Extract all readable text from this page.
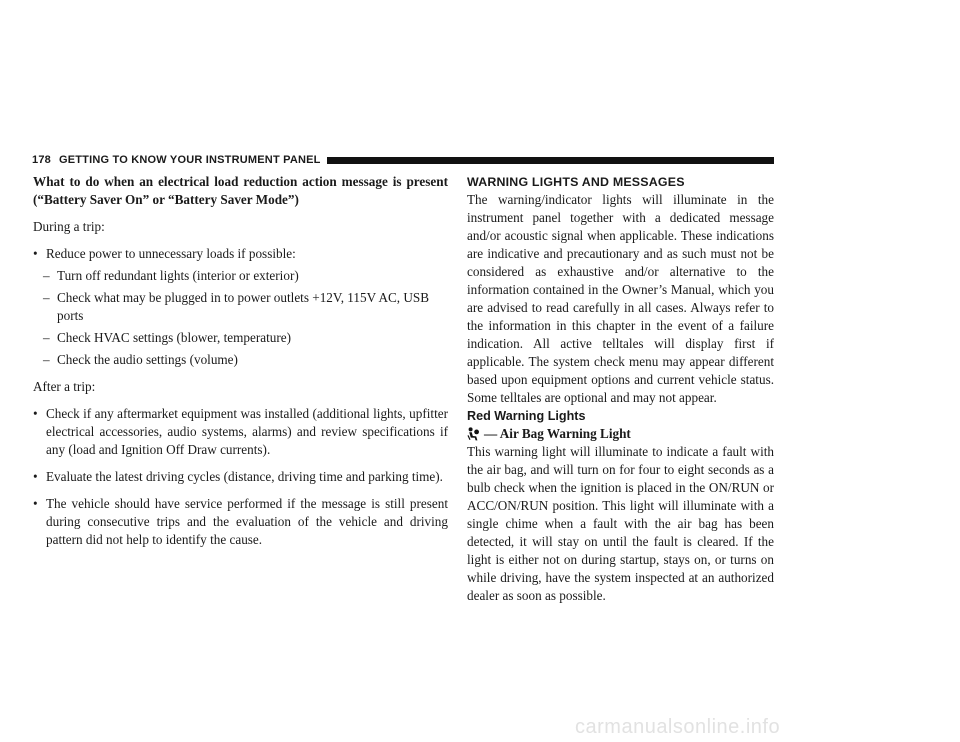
178 GETTING TO KNOW YOUR INSTRUMENT PANEL

What to do when an electrical load reduction action message is present (“Battery Saver On” or “Battery Saver Mode”)

During a trip:

• Reduce power to unnecessary loads if possible:

– Turn off redundant lights (interior or exterior)

– Check what may be plugged in to power outlets +12V, 115V AC, USB ports

– Check HVAC settings (blower, temperature)

– Check the audio settings (volume)

After a trip:

• Check if any aftermarket equipment was installed (additional lights, upfitter electrical accessories, audio systems, alarms) and review specifications if any (load and Ignition Off Draw currents).

• Evaluate the latest driving cycles (distance, driving time and parking time).

• The vehicle should have service performed if the message is still present during consecutive trips and the evaluation of the vehicle and driving pattern did not help to identify the cause.

WARNING LIGHTS AND MESSAGES

The warning/indicator lights will illuminate in the instrument panel together with a dedicated message and/or acoustic signal when applicable. These indications are indicative and precautionary and as such must not be considered as exhaustive and/or alternative to the information contained in the Owner’s Manual, which you are advised to read carefully in all cases. Always refer to the information in this chapter in the event of a failure indication. All active telltales will display first if applicable. The system check menu may appear different based upon equipment options and current vehicle status. Some telltales are optional and may not appear.

Red Warning Lights

— Air Bag Warning Light

This warning light will illuminate to indicate a fault with the air bag, and will turn on for four to eight seconds as a bulb check when the ignition is placed in the ON/RUN or ACC/ON/RUN position. This light will illuminate with a single chime when a fault with the air bag has been detected, it will stay on until the fault is cleared. If the light is either not on during startup, stays on, or turns on while driving, have the system inspected at an authorized dealer as soon as possible.

carmanualsonline.info
